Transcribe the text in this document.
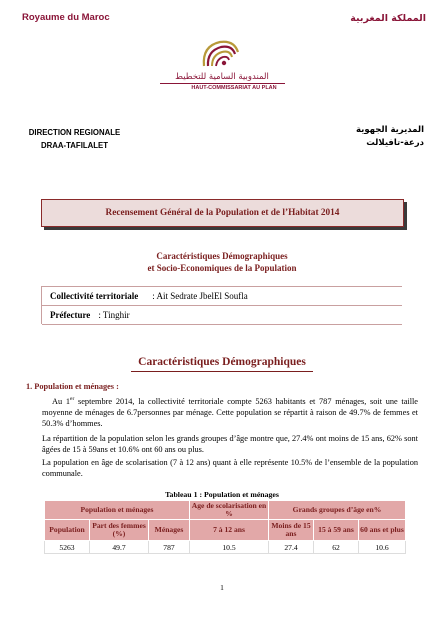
Royaume du Maroc	المملكة المغربية
المندوبية السامية للتخطيط
HAUT-COMMISSARIAT AU PLAN
DIRECTION REGIONALE
DRAA-TAFILALET
المديرية الجهوية
درعة-تافيلالت
Recensement Général de la Population et de l’Habitat 2014
Caractéristiques Démographiques
et Socio-Economiques de la Population
Collectivité territoriale	: Ait Sedrate JbelEl Soufla
Préfecture : Tinghir
Caractéristiques Démographiques
1. Population et ménages :
Au 1er septembre 2014, la collectivité territoriale compte 5263 habitants et 787 ménages, soit une taille moyenne de ménages de 6.7personnes par ménage. Cette population se répartit à raison de 49.7% de femmes et 50.3% d’hommes.
La répartition de la population selon les grands groupes d’âge montre que, 27.4% ont moins de 15 ans, 62% sont âgées de 15 à 59ans et 10.6% ont 60 ans ou plus.
La population en âge de scolarisation (7 à 12 ans) quant à elle représente 10.5% de l’ensemble de la population communale.
Tableau 1 : Population et ménages
Population et ménages			Age de scolarisation en %	Grands groupes d’âge en%		
Population	Part des femmes (%)	Ménages	7 à 12 ans	Moins de 15 ans	15 à 59 ans	60 ans et plus
5263	49.7	787	10.5	27.4	62	10.6
1
